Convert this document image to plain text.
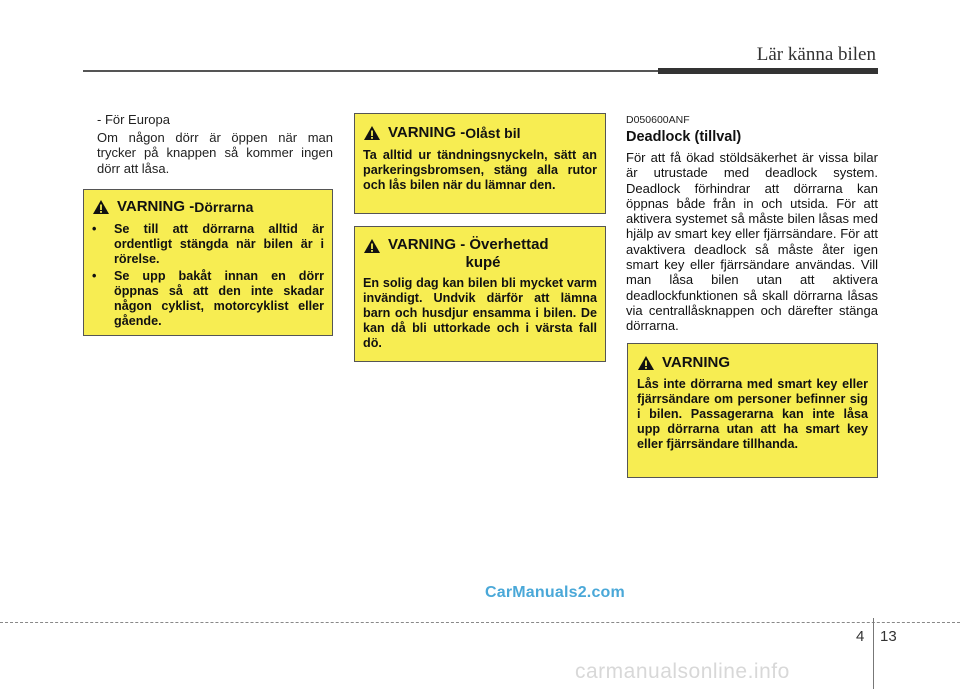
Lär känna bilen

- För Europa

Om någon dörr är öppen när man trycker på knappen så kommer ingen dörr att låsa.

VARNING - Dörrarna
• Se till att dörrarna alltid är ordentligt stängda när bilen är i rörelse.
• Se upp bakåt innan en dörr öppnas så att den inte skadar någon cyklist, motorcyklist eller gående.
VARNING - Olåst bil

Ta alltid ur tändningsnyckeln, sätt an parkeringsbromsen, stäng alla rutor och lås bilen när du lämnar den.

VARNING - Överhettad
kupé

En solig dag kan bilen bli mycket varm invändigt. Undvik därför att lämna barn och husdjur ensamma i bilen. De kan då bli uttorkade och i värsta fall dö.

D050600ANF

Deadlock (tillval)

För att få ökad stöldsäkerhet är vissa bilar är utrustade med deadlock system. Deadlock förhindrar att dörrarna kan öppnas både från in och utsida. För att aktivera systemet så måste bilen låsas med hjälp av smart key eller fjärrsändare. För att avaktivera deadlock så måste åter igen smart key eller fjärrsändare användas. Vill man låsa bilen utan att aktivera deadlockfunktionen så skall dörrarna låsas via centrallåsknappen och därefter stänga dörrarna.

VARNING

Lås inte dörrarna med smart key eller fjärrsändare om personer befinner sig i bilen. Passagerarna kan inte låsa upp dörrarna utan att ha smart key eller fjärrsändare tillhanda.

CarManuals2.com
4 13
carmanualsonline.info
